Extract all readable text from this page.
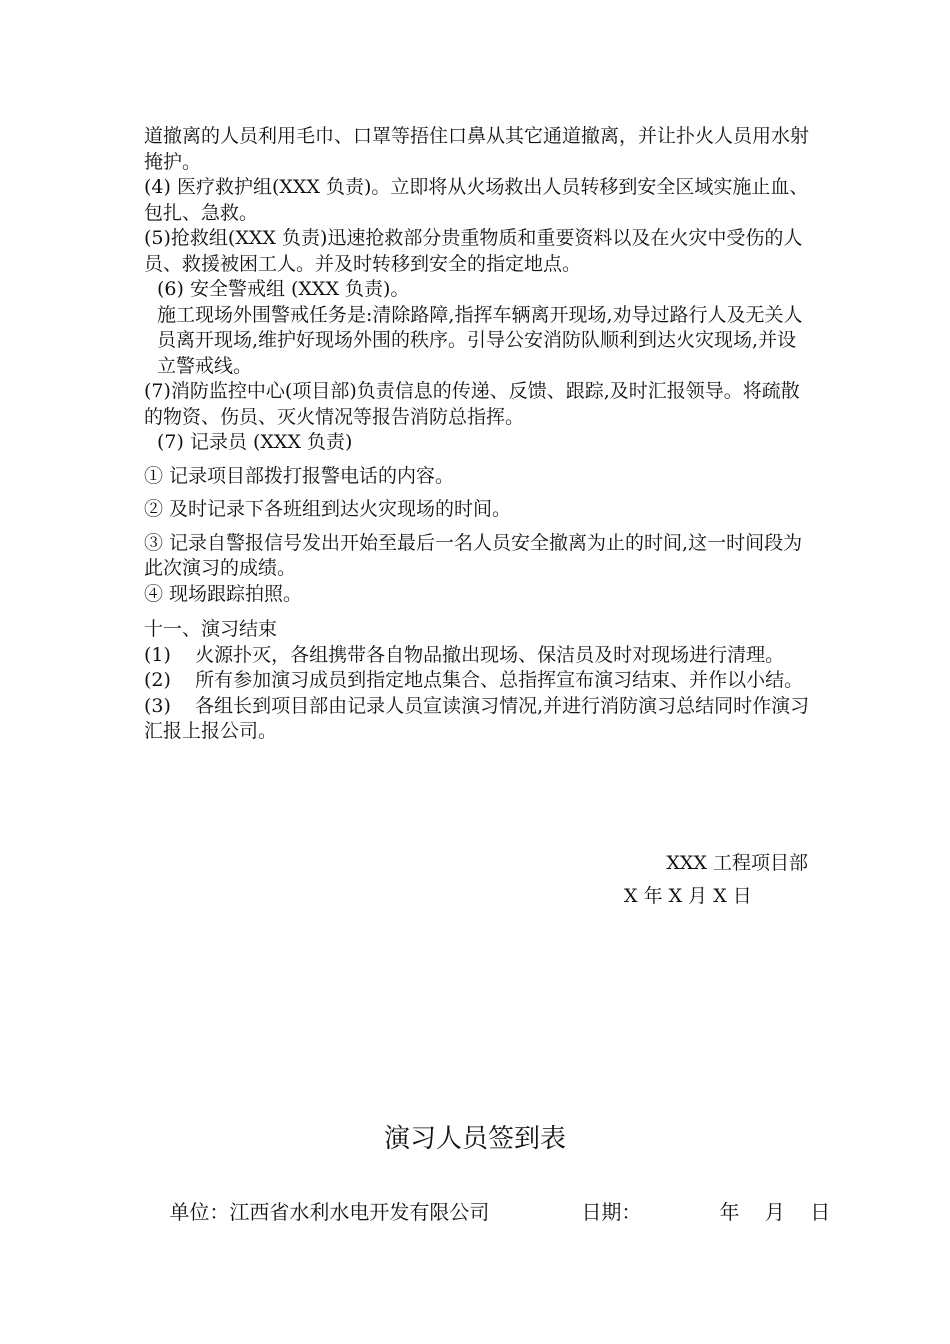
道撤离的人员利用毛巾、口罩等捂住口鼻从其它通道撤离，并让扑火人员用水射掩护。

(4) 医疗救护组(XXX 负责)。立即将从火场救出人员转移到安全区域实施止血、包扎、急救。

(5)抢救组(XXX 负责)迅速抢救部分贵重物质和重要资料以及在火灾中受伤的人员、救援被困工人。并及时转移到安全的指定地点。

(6) 安全警戒组 (XXX 负责)。

施工现场外围警戒任务是:清除路障,指挥车辆离开现场,劝导过路行人及无关人员离开现场,维护好现场外围的秩序。引导公安消防队顺利到达火灾现场,并设立警戒线。

(7)消防监控中心(项目部)负责信息的传递、反馈、跟踪,及时汇报领导。将疏散的物资、伤员、灭火情况等报告消防总指挥。

(7) 记录员 (XXX 负责)

① 记录项目部拨打报警电话的内容。

② 及时记录下各班组到达火灾现场的时间。

③ 记录自警报信号发出开始至最后一名人员安全撤离为止的时间,这一时间段为此次演习的成绩。

④ 现场跟踪拍照。

十一、演习结束

(1)    火源扑灭，各组携带各自物品撤出现场、保洁员及时对现场进行清理。

(2)    所有参加演习成员到指定地点集合、总指挥宣布演习结束、并作以小结。

(3)    各组长到项目部由记录人员宣读演习情况,并进行消防演习总结同时作演习汇报上报公司。

XXX 工程项目部
X 年 X 月 X 日
演习人员签到表

单位：江西省水利水电开发有限公司	日期：	年    月    日
